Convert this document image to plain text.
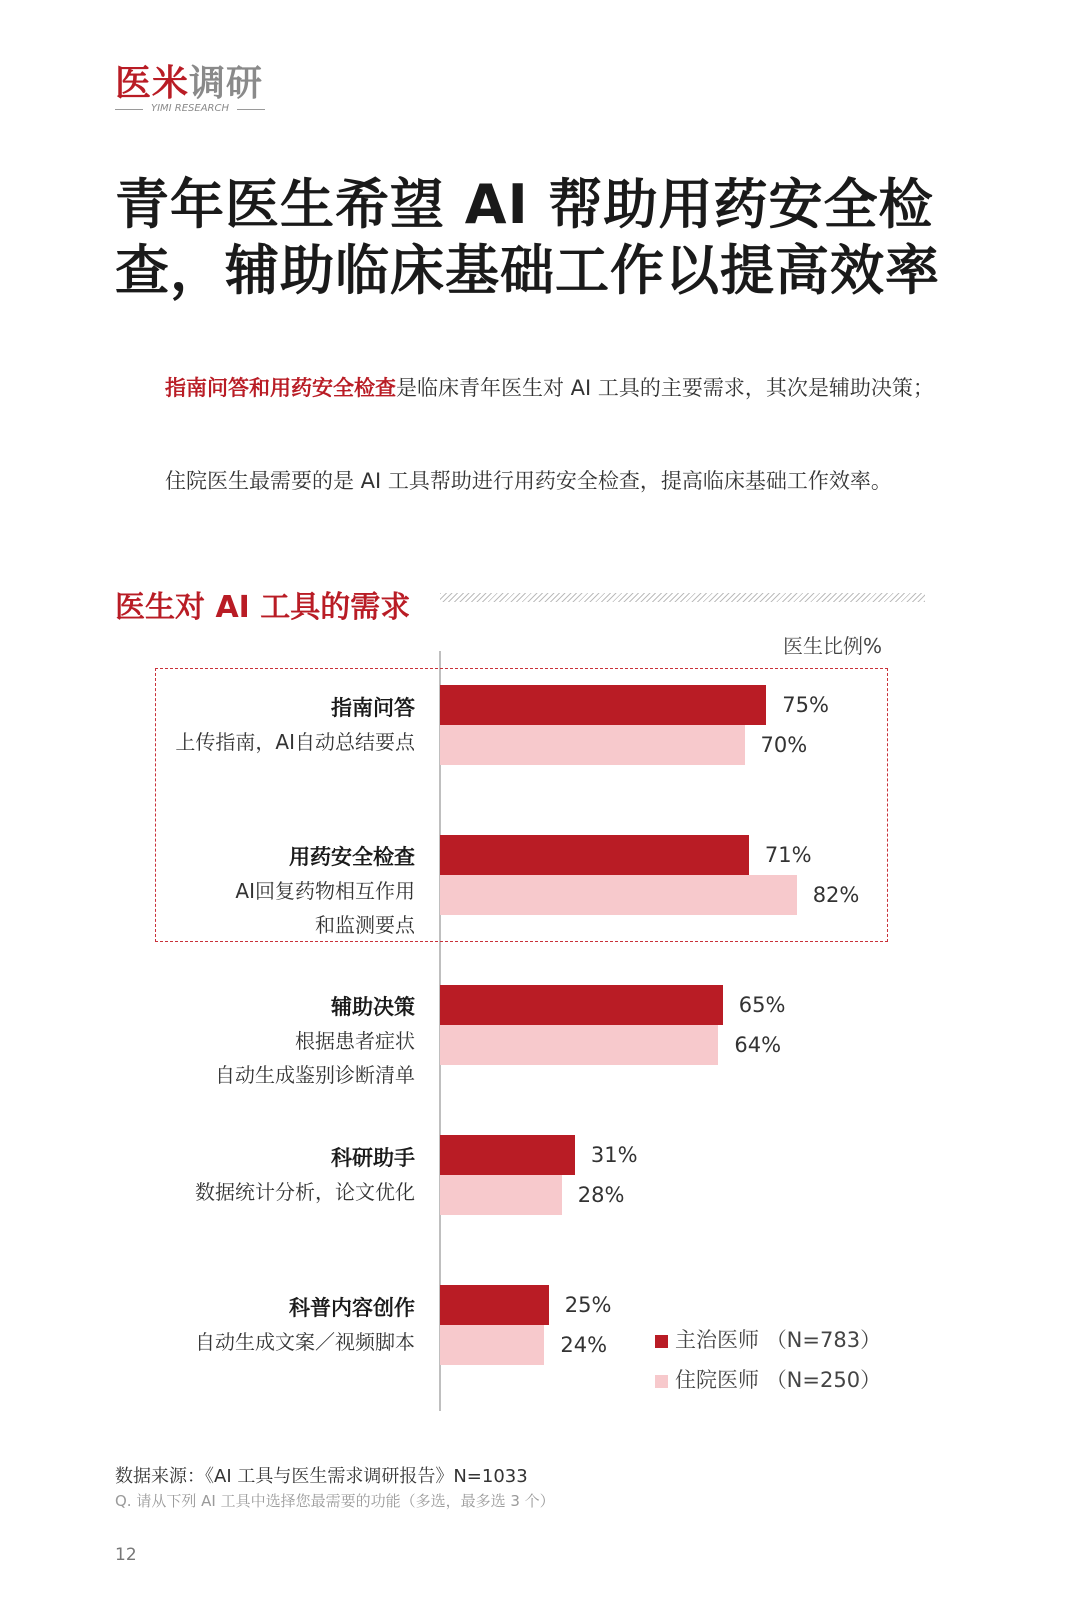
医米调研
YIMI RESEARCH
青年医生希望 AI 帮助用药安全检查，辅助临床基础工作以提高效率
指南问答和用药安全检查是临床青年医生对 AI 工具的主要需求，其次是辅助决策；
住院医生最需要的是 AI 工具帮助进行用药安全检查，提高临床基础工作效率。
医生对 AI 工具的需求
医生比例%
75%
70%
指南问答
上传指南，AI自动总结要点
71%
82%
用药安全检查
AI回复药物相互作用
和监测要点
65%
64%
辅助决策
根据患者症状
自动生成鉴别诊断清单
31%
28%
科研助手
数据统计分析，论文优化
25%
24%
科普内容创作
自动生成文案／视频脚本	主治医师 （N=783）
住院医师 （N=250）
数据来源：《AI 工具与医生需求调研报告》N=1033
Q. 请从下列 AI 工具中选择您最需要的功能（多选，最多选 3 个）
12
